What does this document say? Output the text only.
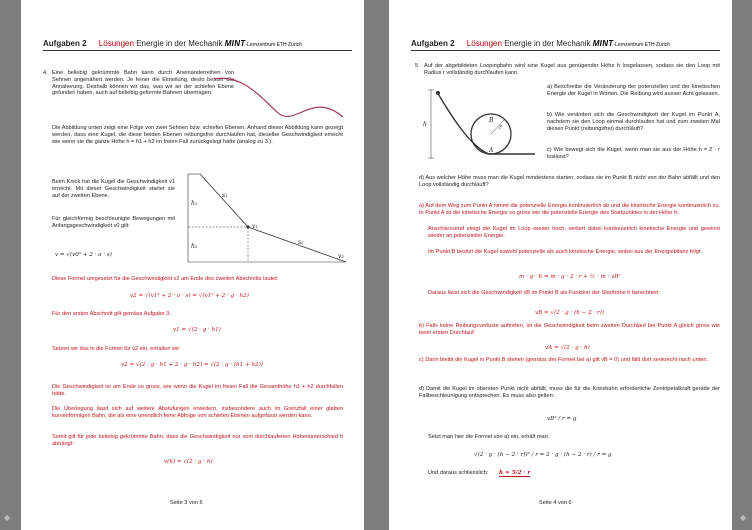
Aufgaben 2 Lösungen Energie in der Mechanik MINT-Lernzentrum ETH Zürich
4. Eine beliebig gekrümmte Bahn kann durch Aneinanderreihen von Sehnen angenähert werden. Je feiner die Einteilung, desto besser die Annäherung. Deshalb können wir das, was wir an der schiefen Ebene gefunden haben, auch auf beliebig geformte Bahnen übertragen.
Die Abbildung unten zeigt eine Folge von zwei Sehnen bzw. schiefen Ebenen. Anhand dieser Abbildung kann gezeigt werden, dass eine Kugel, die diese beiden Ebenen reibungsfrei durchlaufen hat, dieselbe Geschwindigkeit erreicht wie wenn sie die ganze Höhe h = h1 + h2 im freien Fall zurückgelegt hätte (analog zu 3.).
Beim Knick hat die Kugel die Geschwindigkeit v1 erreicht. Mit dieser Geschwindigkeit startet sie auf der zweiten Ebene.
Für gleichförmig beschleunigte Bewegungen mit Anfangsgeschwindigkeit v0 gilt:
v = √(v0² + 2 · a · s)
h₁
h₂
s₁
v₁
s₂
v₂
Diese Formel umgesetzt für die Geschwindigkeit v2 am Ende des zweiten Abschnitts lautet:
v2 = √(v1² + 2 · a · s) = √(v1² + 2 · g · h2)
Für den ersten Abschnitt gilt gemäss Aufgabe 3:
v1 = √(2 · g · h1)
Setzen wir das in die Formel für v2 ein, erhalten wir:
v2 = √(2 · g · h1 + 2 · g · h2) = √(2 · g · (h1 + h2))
Die Geschwindigkeit ist am Ende so gross, wie wenn die Kugel im freien Fall die Gesamthöhe h1 + h2 durchfallen hätte.
Die Überlegung lässt sich auf weitere Abstufungen erweitern, insbesondere auch im Grenzfall einer glatten kurvenförmigen Bahn, die als eine unendlich feine Abfolge von schiefen Ebenen aufgefasst werden kann.
Somit gilt für jede beliebig gekrümmte Bahn, dass die Geschwindigkeit nur vom durchlaufenen Höhenunterschied h abhängt:
v(h) = √(2 · g · h)
Seite 3 von 6
Aufgaben 2 Lösungen Energie in der Mechanik MINT-Lernzentrum ETH Zürich
5. Auf der abgebildeten Loopingbahn wird eine Kugel aus genügender Höhe h losgelassen, sodass sie den Loop mit Radius r vollständig durchlaufen kann.
h
B
A
r
a) Beschreibe die Veränderung der potenziellen und der kinetischen Energie der Kugel in Worten. Die Reibung wird ausser Acht gelassen.
b) Wie verändert sich die Geschwindigkeit der Kugel im Punkt A, nachdem sie den Loop einmal durchlaufen hat und zum zweiten Mal diesen Punkt (reibungsfrei) durchläuft?
c) Wie bewegt sich die Kugel, wenn man sie aus der Höhe h = 2 · r loslässt?
d) Aus welcher Höhe muss man die Kugel mindestens starten, sodass sie im Punkt B nicht von der Bahn abfällt und den Loop vollständig durchläuft?
a) Auf dem Weg zum Punkt A nimmt die potenzielle Energie kontinuierlich ab und die kinetische Energie kontinuierlich zu. In Punkt A ist die kinetische Energie so gross wie die potenzielle Energie des Startpunktes in der Höhe h.
Anschliessend steigt die Kugel im Loop wieder hoch, verliert dabei kontinuierlich kinetische Energie und gewinnt wieder an potenzieller Energie.
Im Punkt B besitzt die Kugel sowohl potenzielle als auch kinetische Energie, wobei aus der Energiebilanz folgt:
m · g · h = m · g · 2 · r + ½ · m · vB²
Daraus lässt sich die Geschwindigkeit vB im Punkt B als Funktion der Starthöhe h berechnen:
vB = √(2 · g · (h − 2 · r))
b) Falls keine Reibungsverluste auftreten, ist die Geschwindigkeit beim zweiten Durchlauf bei Punkt A gleich gross wie beim ersten Durchlauf:
vA = √(2 · g · h)
c) Dann bleibt die Kugel in Punkt B stehen (gemäss der Formel bei a) gilt vB = 0) und fällt dort senkrecht nach unten.
d) Damit die Kugel im obersten Punkt nicht abfällt, muss die für die Kreisbahn erforderliche Zentripetalkraft gerade der Fallbeschleunigung entsprechen. Es muss also gelten:
vB² / r = g
Setzt man hier die Formel von a) ein, erhält man:
√(2 · g · (h − 2 · r))² / r = 2 · g · (h − 2 · r) / r = g
Und daraus schliesslich: h = 5/2 · r
Seite 4 von 6
◆	◆
